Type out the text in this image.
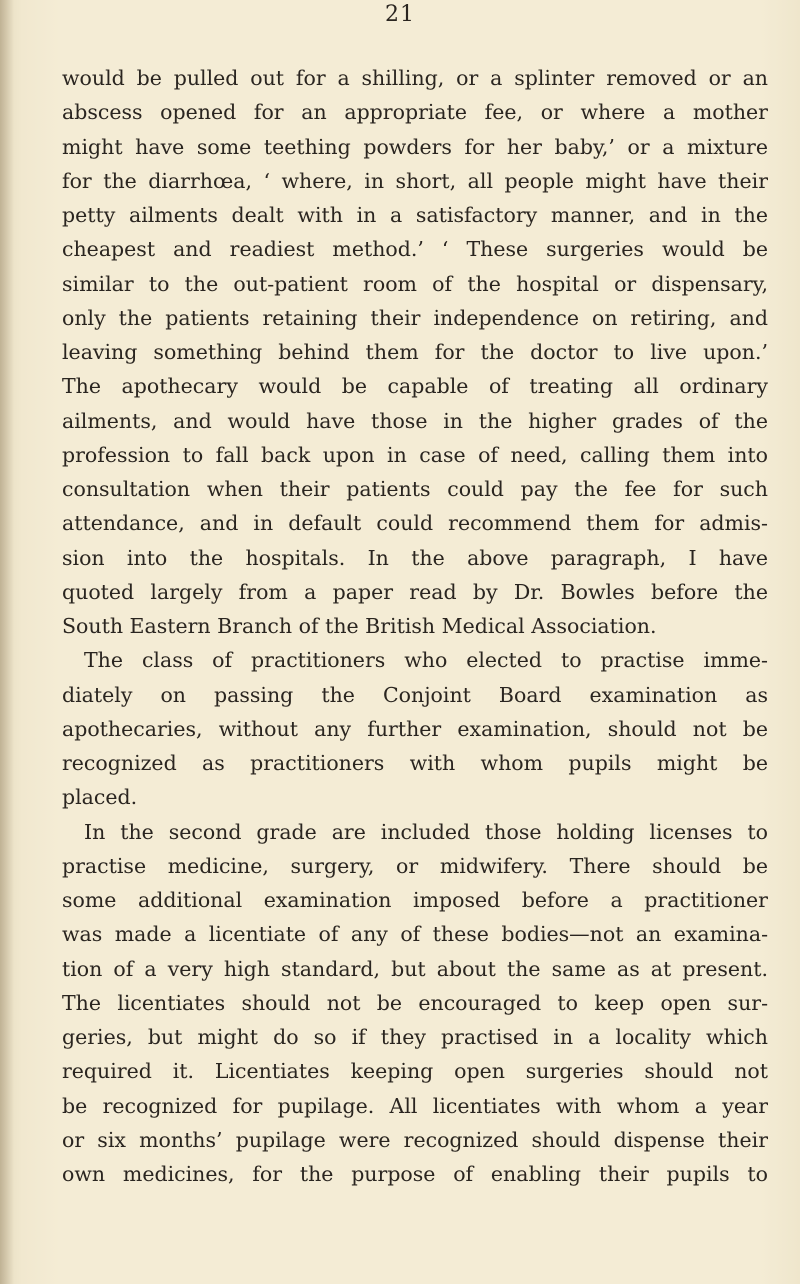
21
would be pulled out for a shilling, or a splinter removed or an
abscess opened for an appropriate fee, or where a mother
might have some teething powders for her baby,’ or a mixture
for the diarrhœa, ‘ where, in short, all people might have their
petty ailments dealt with in a satisfactory manner, and in the
cheapest and readiest method.’ ‘ These surgeries would be
similar to the out-patient room of the hospital or dispensary,
only the patients retaining their independence on retiring, and
leaving something behind them for the doctor to live upon.’
The apothecary would be capable of treating all ordinary
ailments, and would have those in the higher grades of the
profession to fall back upon in case of need, calling them into
consultation when their patients could pay the fee for such
attendance, and in default could recommend them for admis-
sion into the hospitals. In the above paragraph, I have
quoted largely from a paper read by Dr. Bowles before the
South Eastern Branch of the British Medical Association.
The class of practitioners who elected to practise imme-
diately on passing the Conjoint Board examination as
apothecaries, without any further examination, should not be
recognized as practitioners with whom pupils might be
placed.
In the second grade are included those holding licenses to
practise medicine, surgery, or midwifery. There should be
some additional examination imposed before a practitioner
was made a licentiate of any of these bodies—not an examina-
tion of a very high standard, but about the same as at present.
The licentiates should not be encouraged to keep open sur-
geries, but might do so if they practised in a locality which
required it. Licentiates keeping open surgeries should not
be recognized for pupilage. All licentiates with whom a year
or six months’ pupilage were recognized should dispense their
own medicines, for the purpose of enabling their pupils to
